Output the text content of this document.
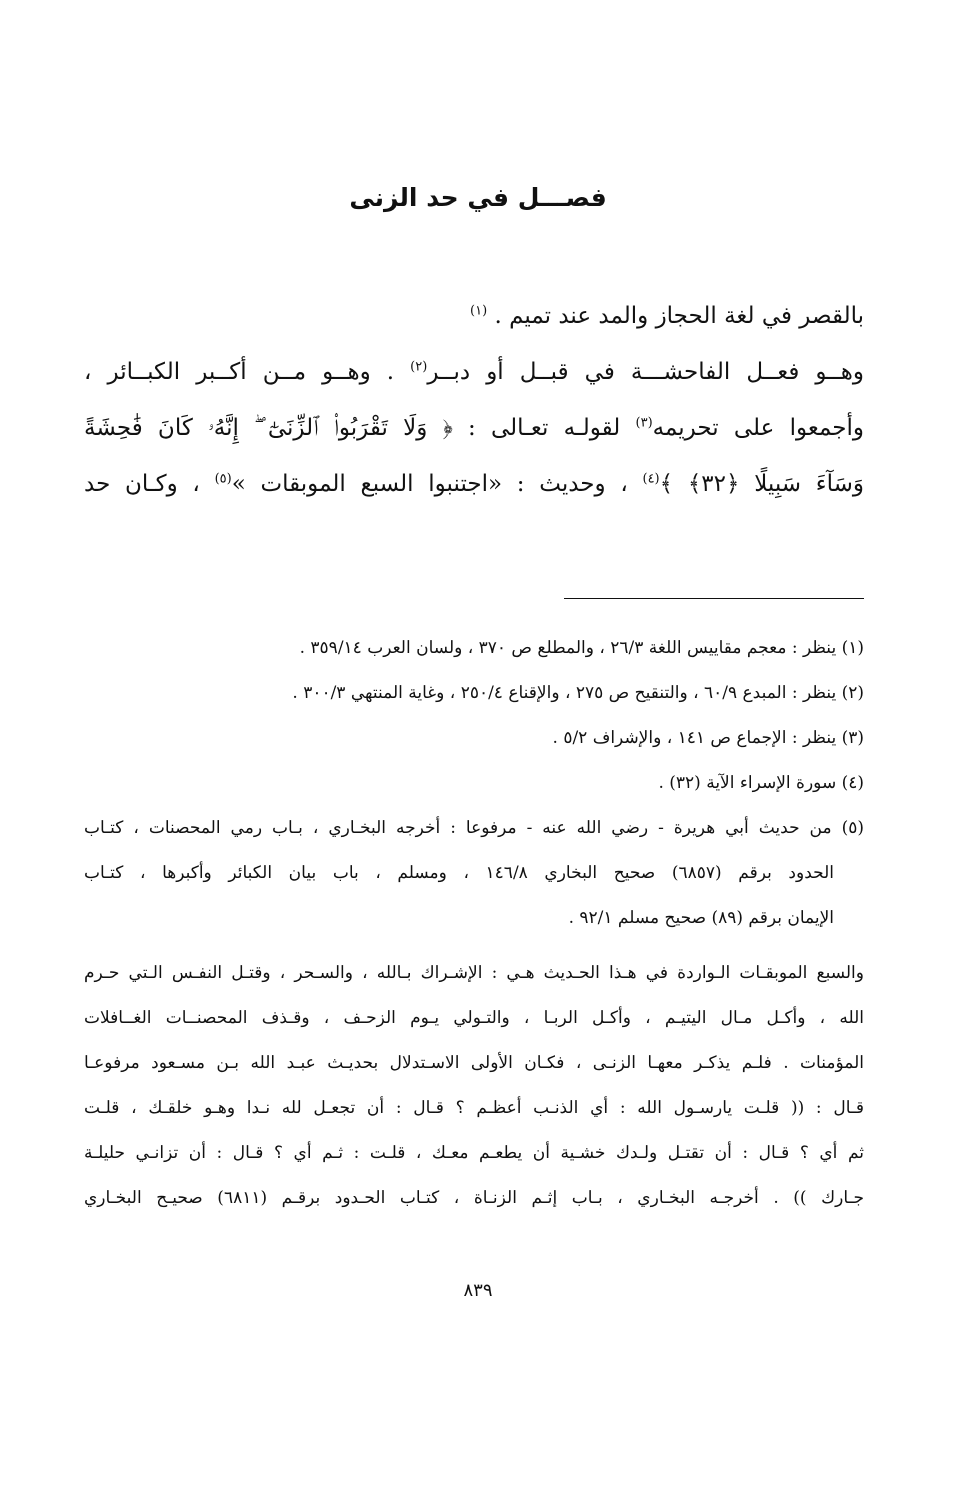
فصـــل في حد الزنى
بالقصر في لغة الحجاز والمد عند تميم . $^{(١)}$
وهــو فعــل الفاحشـــة في قبــل أو دبــر$^{(٢)}$ . وهــو مــن أكــبر الكبــائر ،
وأجمعوا على تحريمه$^{(٣)}$ لقولـه تعـالى : ﴿ وَلَا تَقْرَبُوا۟ ٱلزِّنَىٰٓ ۖ إِنَّهُۥ كَانَ فَٰحِشَةً
وَسَآءَ سَبِيلًا ﴿٣٢﴾ ﴾$^{(٤)}$ ، وحديث : «اجتنبوا السبع الموبقات »$^{(٥)}$ ، وكـان حد
(١) ينظر : معجم مقاييس اللغة ٢٦/٣ ، والمطلع ص ٣٧٠ ، ولسان العرب ٣٥٩/١٤ .
(٢) ينظر : المبدع ٦٠/٩ ، والتنقيح ص ٢٧٥ ، والإقناع ٢٥٠/٤ ، وغاية المنتهي ٣٠٠/٣ .
(٣) ينظر : الإجماع ص ١٤١ ، والإشراف ٥/٢ .
(٤) سورة الإسراء الآية (٣٢) .
(٥) من حديث أبي هريرة - رضي الله عنه - مرفوعا : أخرجه البخـاري ، بـاب رمي المحصنات ، كتـاب
الحدود برقم (٦٨٥٧) صحيح البخاري ١٤٦/٨ ، ومسلم ، باب بيان الكبائر وأكبرها ، كتـاب
الإيمان برقم (٨٩) صحيح مسلم ٩٢/١ .
والسبع الموبقـات الـواردة في هـذا الحـديث هـي : الإشـراك بـالله ، والسـحر ، وقتـل النفـس الـتي حـرم
الله ، وأكـل مـال اليتيـم ، وأكـل الربـا ، والتـولي يـوم الزحـف ، وقـذف المحصنــات الغــافلات
المؤمنات . فلـم يذكـر معهـا الزنـى ، فكـان الأولى الاسـتدلال بحديـث عبـد الله بـن مسـعود مرفوعـا
قـال : (( قلـت يارسـول الله : أي الذنـب أعظـم ؟ قـال : أن تجعـل لله نـدا وهـو خلقـك ، قلـت
ثم أي ؟ قـال : أن تقتـل ولـدك خشـية أن يطعـم معـك ، قلـت : ثـم أي ؟ قـال : أن تزانـي حليلـة
جـارك )) . أخرجـه البخـاري ، بـاب إثـم الزنـاة ، كتـاب الحـدود برقـم (٦٨١١) صحيـح البخـاري
٨٣٩
